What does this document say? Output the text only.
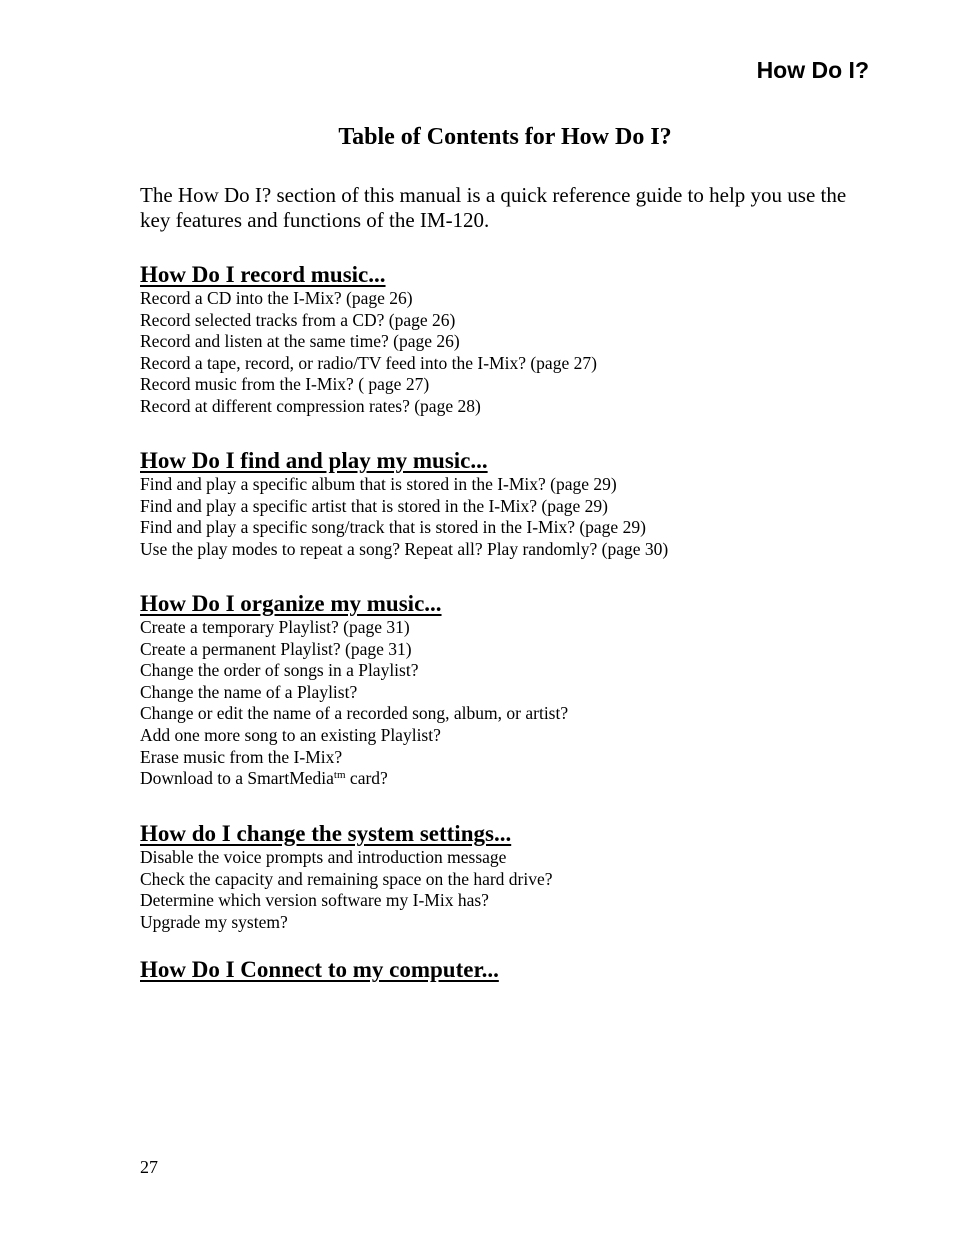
How Do I?
Table of Contents for How Do I?

The How Do I? section of this manual is a quick reference guide to help you use the key features and functions of the IM-120.

How Do I record music...
Record a CD into the I-Mix? (page 26)
Record selected tracks from a CD? (page 26)
Record and listen at the same time? (page 26)
Record a tape, record, or radio/TV feed into the I-Mix? (page 27)
Record music from the I-Mix? ( page 27)
Record at different compression rates? (page 28)
How Do I find and play my music...
Find and play a specific album that is stored in the I-Mix? (page 29)
Find and play a specific artist that is stored in the I-Mix? (page 29)
Find and play a specific song/track that is stored in the I-Mix? (page 29)
Use the play modes to repeat a song? Repeat all? Play randomly? (page 30)
How Do I organize my music...
Create a temporary Playlist? (page 31)
Create a permanent Playlist? (page 31)
Change the order of songs in a Playlist?
Change the name of a Playlist?
Change or edit the name of a recorded song, album, or artist?
Add one more song to an existing Playlist?
Erase music from the I-Mix?
Download to a SmartMedia$^{tm}$ card?
How do I change the system settings...
Disable the voice prompts and introduction message
Check the capacity and remaining space on the hard drive?
Determine which version software my I-Mix has?
Upgrade my system?
How Do I Connect to my computer...
27
